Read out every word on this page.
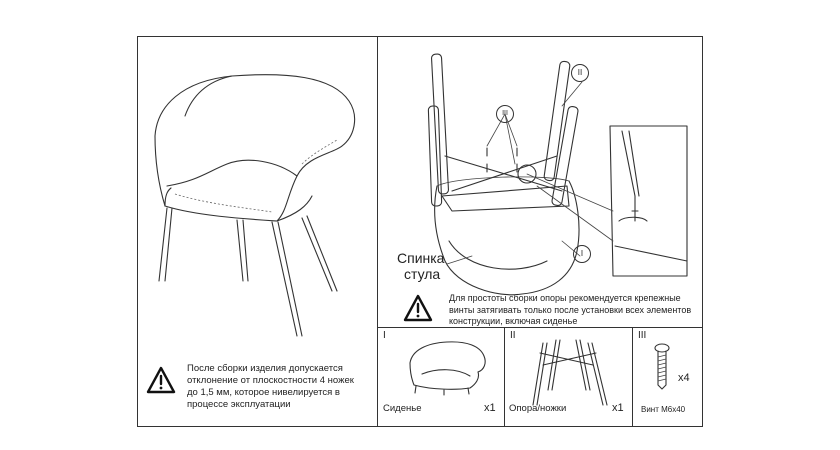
После сборки изделия допускается отклонение от плоскостности 4 ножек до 1,5 мм, которое нивелируется в процессе эксплуатации
II
III
I
Спинка
стула
Для простоты сборки опоры рекомендуется крепежные винты затягивать только после установки всех элементов конструкции, включая сиденье
I
Сиденье	x1
II
Опора/ножки	x1
III
x4
Винт М6х40
